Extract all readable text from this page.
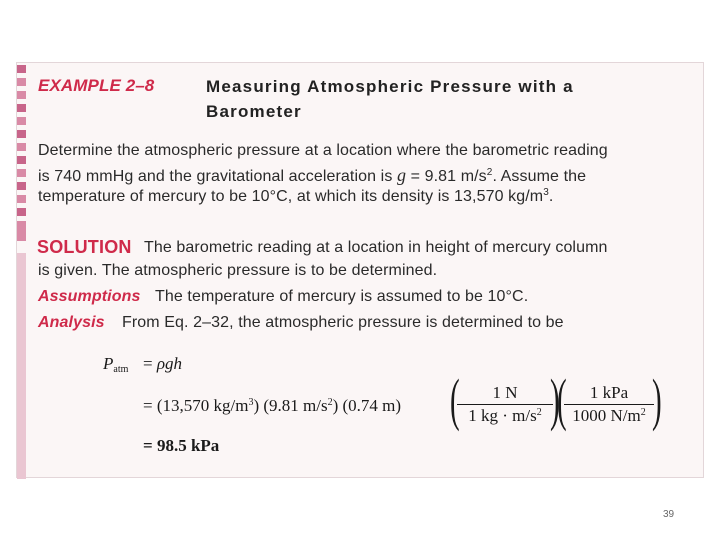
EXAMPLE 2–8	Measuring Atmospheric Pressure with a
Barometer
Determine the atmospheric pressure at a location where the barometric reading
is 740 mmHg and the gravitational acceleration is g = 9.81 $m/s^2$. Assume the
temperature of mercury to be 10°C, at which its density is 13,570 $kg/m^3$.
SOLUTION The barometric reading at a location in height of mercury column
is given. The atmospheric pressure is to be determined.
Assumptions The temperature of mercury is assumed to be 10°C.
Analysis From Eq. 2–32, the atmospheric pressure is determined to be
$P_{atm} = \rho gh$
= (13,570 $kg/m^3$) (9.81 $m/s^2$) (0.74 m) (
$\frac{1 N}{1 kg \cdot m/s^2}$
)
(	1 kPa
1000 $N/m^2$ )
= 98.5 kPa
39
